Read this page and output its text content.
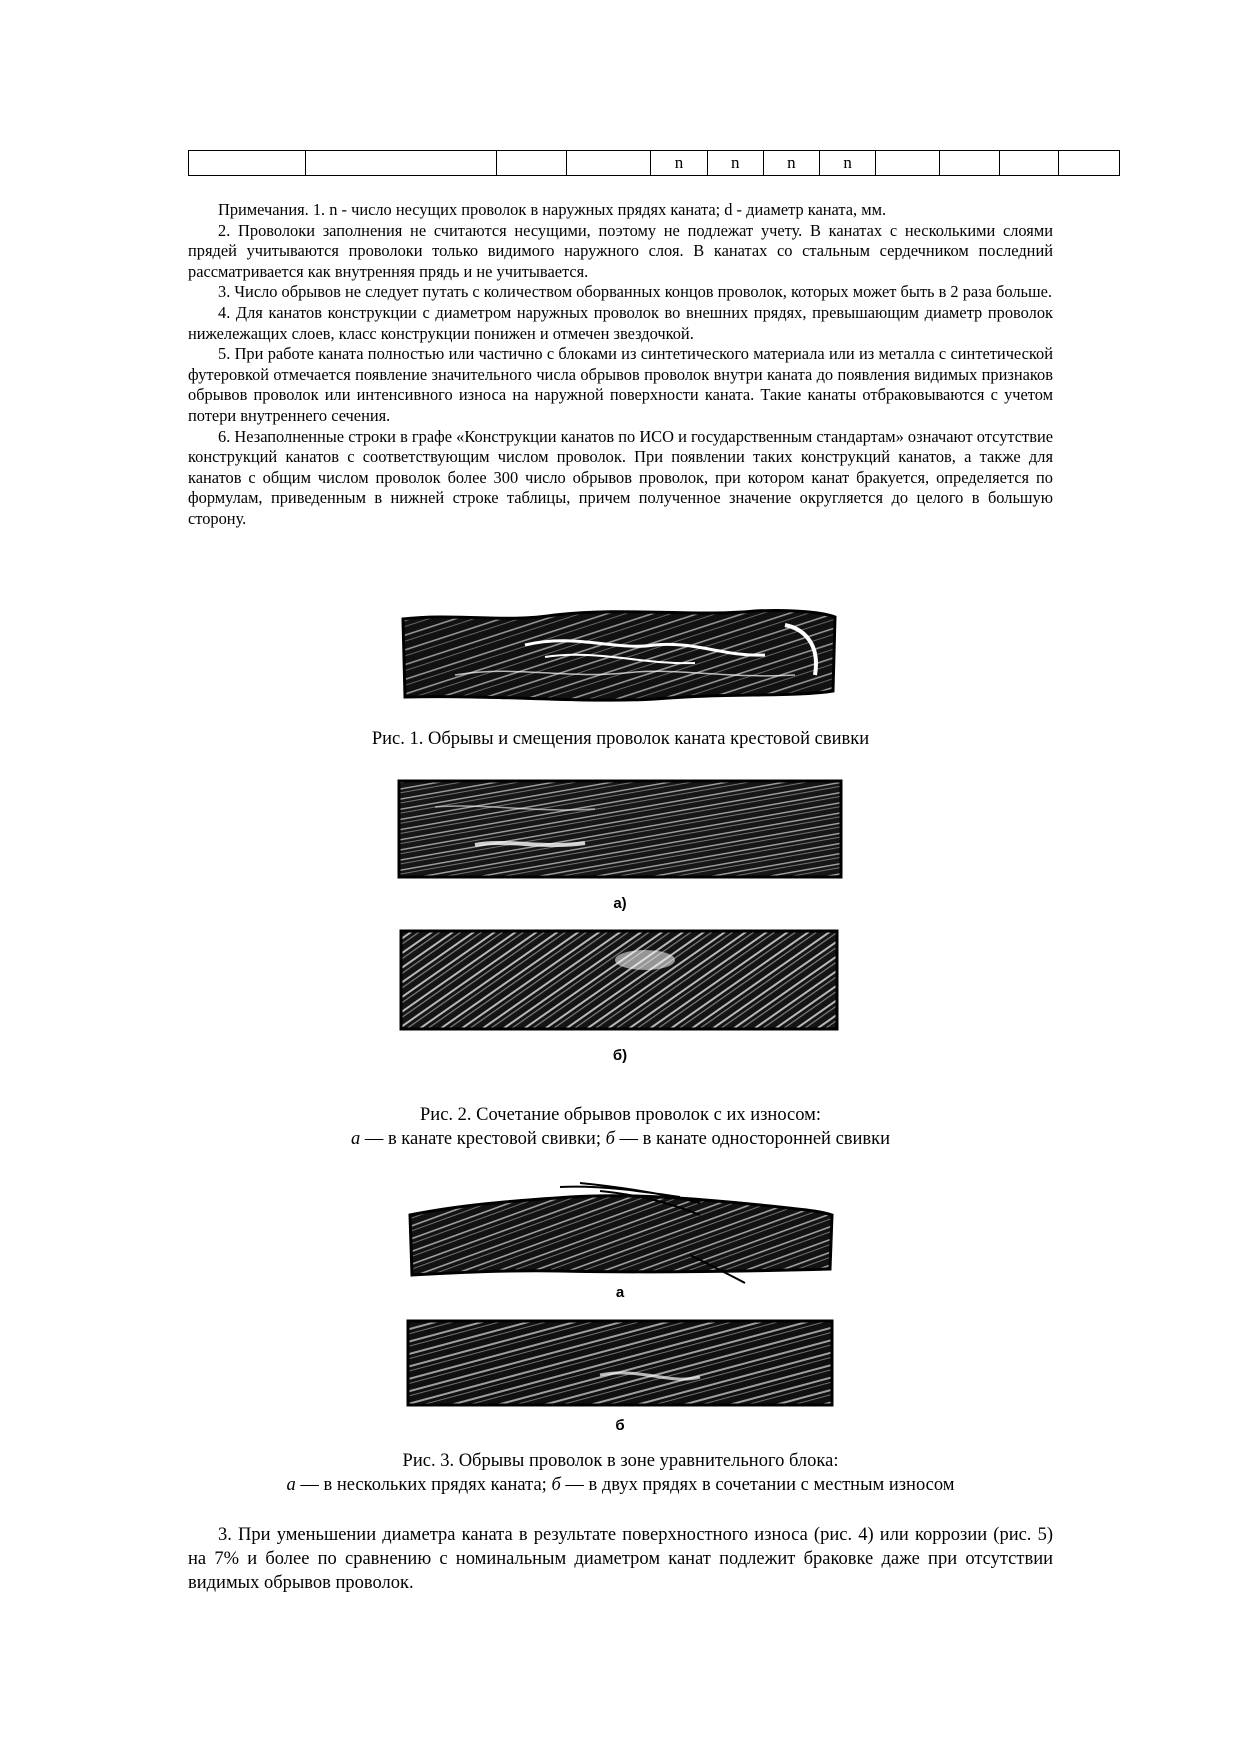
				n	n	n	n				

Примечания. 1. n - число несущих проволок в наружных прядях каната; d - диаметр каната, мм.

2. Проволоки заполнения не считаются несущими, поэтому не подлежат учету. В канатах с несколькими слоями прядей учитываются проволоки только видимого наружного слоя. В канатах со стальным сердечником последний рассматривается как внутренняя прядь и не учитывается.

3. Число обрывов не следует путать с количеством оборванных концов проволок, которых может быть в 2 раза больше.

4. Для канатов конструкции с диаметром наружных проволок во внешних прядях, превышающим диаметр проволок нижележащих слоев, класс конструкции понижен и отмечен звездочкой.

5. При работе каната полностью или частично с блоками из синтетического материала или из металла с синтетической футеровкой отмечается появление значительного числа обрывов проволок внутри каната до появления видимых признаков обрывов проволок или интенсивного износа на наружной поверхности каната. Такие канаты отбраковываются с учетом потери внутреннего сечения.

6. Незаполненные строки в графе «Конструкции канатов по ИСО и государственным стандартам» означают отсутствие конструкций канатов с соответствующим числом проволок. При появлении таких конструкций канатов, а также для канатов с общим числом проволок более 300 число обрывов проволок, при котором канат бракуется, определяется по формулам, приведенным в нижней строке таблицы, причем полученное значение округляется до целого в большую сторону.

Рис. 1. Обрывы и смещения проволок каната крестовой свивки
а)
б)
Рис. 2. Сочетание обрывов проволок с их износом:
а — в канате крестовой свивки; б — в канате односторонней свивки
а
б
Рис. 3. Обрывы проволок в зоне уравнительного блока:
а — в нескольких прядях каната; б — в двух прядях в сочетании с местным износом

3. При уменьшении диаметра каната в результате поверхностного износа (рис. 4) или коррозии (рис. 5) на 7% и более по сравнению с номинальным диаметром канат подлежит браковке даже при отсутствии видимых обрывов проволок.
